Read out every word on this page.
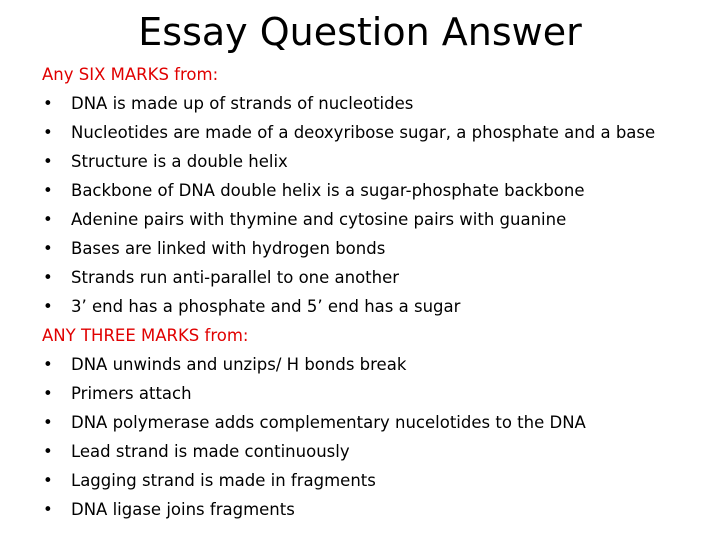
Essay Question Answer
Any SIX MARKS from:
• DNA is made up of strands of nucleotides
• Nucleotides are made of a deoxyribose sugar, a phosphate and a base
• Structure is a double helix
• Backbone of DNA double helix is a sugar-phosphate backbone
• Adenine pairs with thymine and cytosine pairs with guanine
• Bases are linked with hydrogen bonds
• Strands run anti-parallel to one another
• 3’ end has a phosphate and 5’ end has a sugar
ANY THREE MARKS from:
• DNA unwinds and unzips/ H bonds break
• Primers attach
• DNA polymerase adds complementary nucelotides to the DNA
• Lead strand is made continuously
• Lagging strand is made in fragments
• DNA ligase joins fragments
